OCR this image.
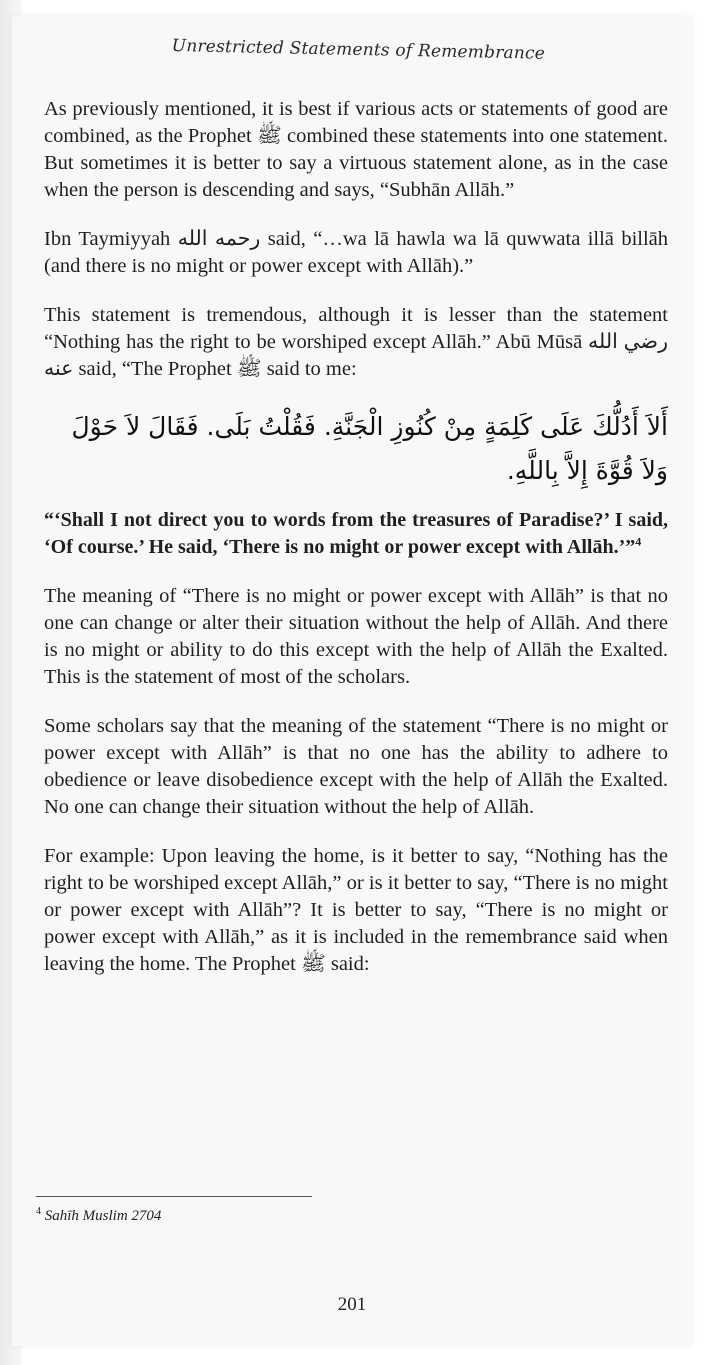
Unrestricted Statements of Remembrance

As previously mentioned, it is best if various acts or statements of good are combined, as the Prophet ﷺ combined these statements into one statement. But sometimes it is better to say a virtuous statement alone, as in the case when the person is descending and says, “Subhān Allāh.”

Ibn Taymiyyah رحمه الله said, “…wa lā hawla wa lā quwwata illā billāh (and there is no might or power except with Allāh).”

This statement is tremendous, although it is lesser than the statement “Nothing has the right to be worshiped except Allāh.” Abū Mūsā رضي الله عنه said, “The Prophet ﷺ said to me:

أَلاَ أَدُلُّكَ عَلَى كَلِمَةٍ مِنْ كُنُوزِ الْجَنَّةِ. فَقُلْتُ بَلَى. فَقَالَ لاَ حَوْلَ وَلاَ قُوَّةَ إِلاَّ بِاللَّهِ.

“‘Shall I not direct you to words from the treasures of Paradise?’ I said, ‘Of course.’ He said, ‘There is no might or power except with Allāh.’”$^4$

The meaning of “There is no might or power except with Allāh” is that no one can change or alter their situation without the help of Allāh. And there is no might or ability to do this except with the help of Allāh the Exalted. This is the statement of most of the scholars.

Some scholars say that the meaning of the statement “There is no might or power except with Allāh” is that no one has the ability to adhere to obedience or leave disobedience except with the help of Allāh the Exalted. No one can change their situation without the help of Allāh.

For example: Upon leaving the home, is it better to say, “Nothing has the right to be worshiped except Allāh,” or is it better to say, “There is no might or power except with Allāh”? It is better to say, “There is no might or power except with Allāh,” as it is included in the remembrance said when leaving the home. The Prophet ﷺ said:

$^4$ Sahīh Muslim 2704
201
